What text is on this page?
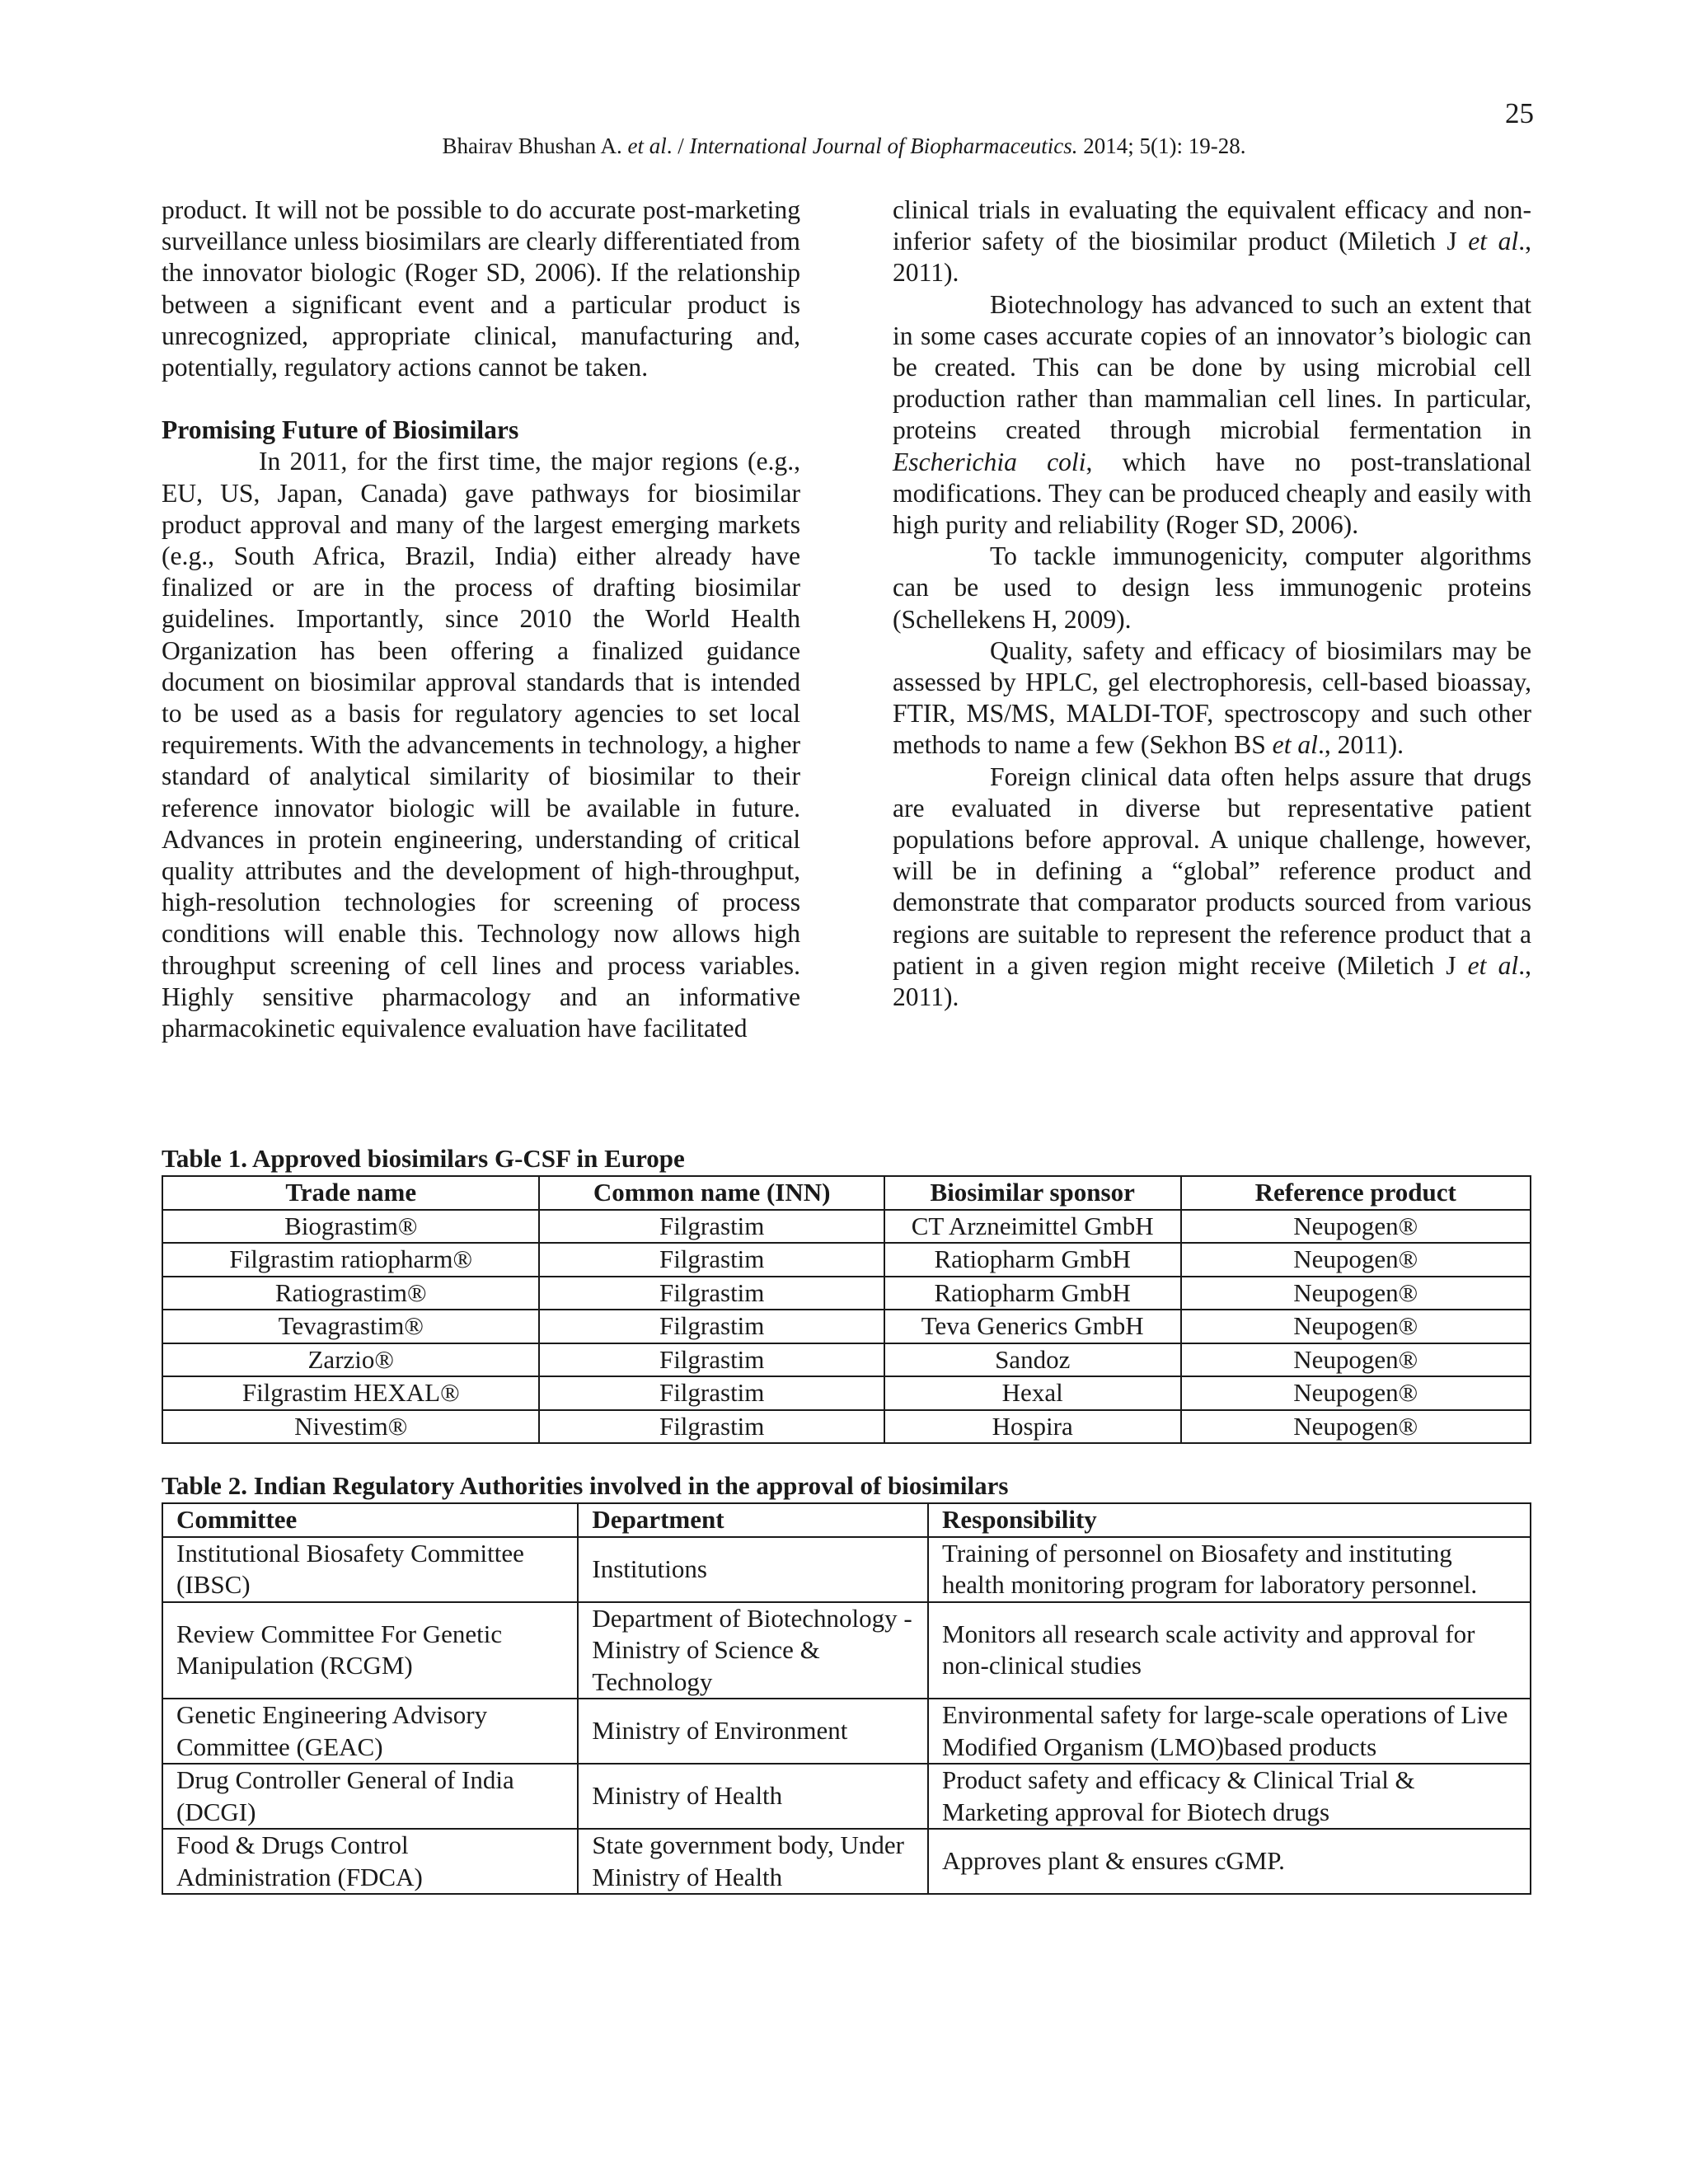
25
Bhairav Bhushan A. et al. / International Journal of Biopharmaceutics. 2014; 5(1): 19-28.

product. It will not be possible to do accurate post-marketing surveillance unless biosimilars are clearly differentiated from the innovator biologic (Roger SD, 2006). If the relationship between a significant event and a particular product is unrecognized, appropriate clinical, manufacturing and, potentially, regulatory actions cannot be taken.

Promising Future of Biosimilars

In 2011, for the first time, the major regions (e.g., EU, US, Japan, Canada) gave pathways for biosimilar product approval and many of the largest emerging markets (e.g., South Africa, Brazil, India) either already have finalized or are in the process of drafting biosimilar guidelines. Importantly, since 2010 the World Health Organization has been offering a finalized guidance document on biosimilar approval standards that is intended to be used as a basis for regulatory agencies to set local requirements. With the advancements in technology, a higher standard of analytical similarity of biosimilar to their reference innovator biologic will be available in future. Advances in protein engineering, understanding of critical quality attributes and the development of high-throughput, high-resolution technologies for screening of process conditions will enable this. Technology now allows high throughput screening of cell lines and process variables. Highly sensitive pharmacology and an informative pharmacokinetic equivalence evaluation have facilitated

clinical trials in evaluating the equivalent efficacy and non-inferior safety of the biosimilar product (Miletich J et al., 2011).

Biotechnology has advanced to such an extent that in some cases accurate copies of an innovator’s biologic can be created. This can be done by using microbial cell production rather than mammalian cell lines. In particular, proteins created through microbial fermentation in Escherichia coli, which have no post-translational modifications. They can be produced cheaply and easily with high purity and reliability (Roger SD, 2006).

To tackle immunogenicity, computer algorithms can be used to design less immunogenic proteins (Schellekens H, 2009).

Quality, safety and efficacy of biosimilars may be assessed by HPLC, gel electrophoresis, cell-based bioassay, FTIR, MS/MS, MALDI-TOF, spectroscopy and such other methods to name a few (Sekhon BS et al., 2011).

Foreign clinical data often helps assure that drugs are evaluated in diverse but representative patient populations before approval. A unique challenge, however, will be in defining a “global” reference product and demonstrate that comparator products sourced from various regions are suitable to represent the reference product that a patient in a given region might receive (Miletich J et al., 2011).

Table 1. Approved biosimilars G-CSF in Europe
Trade name	Common name (INN)	Biosimilar sponsor	Reference product
Biograstim®	Filgrastim	CT Arzneimittel GmbH	Neupogen®
Filgrastim ratiopharm®	Filgrastim	Ratiopharm GmbH	Neupogen®
Ratiograstim®	Filgrastim	Ratiopharm GmbH	Neupogen®
Tevagrastim®	Filgrastim	Teva Generics GmbH	Neupogen®
Zarzio®	Filgrastim	Sandoz	Neupogen®
Filgrastim HEXAL®	Filgrastim	Hexal	Neupogen®
Nivestim®	Filgrastim	Hospira	Neupogen®
Table 2. Indian Regulatory Authorities involved in the approval of biosimilars
Committee	Department	Responsibility
Institutional Biosafety Committee (IBSC)	Institutions	Training of personnel on Biosafety and instituting health monitoring program for laboratory personnel.
Review Committee For Genetic Manipulation (RCGM)	Department of Biotechnology - Ministry of Science & Technology	Monitors all research scale activity and approval for non-clinical studies
Genetic Engineering Advisory Committee (GEAC)	Ministry of Environment	Environmental safety for large-scale operations of Live Modified Organism (LMO)based products
Drug Controller General of India (DCGI)	Ministry of Health	Product safety and efficacy & Clinical Trial & Marketing approval for Biotech drugs
Food & Drugs Control Administration (FDCA)	State government body, Under Ministry of Health	Approves plant & ensures cGMP.
